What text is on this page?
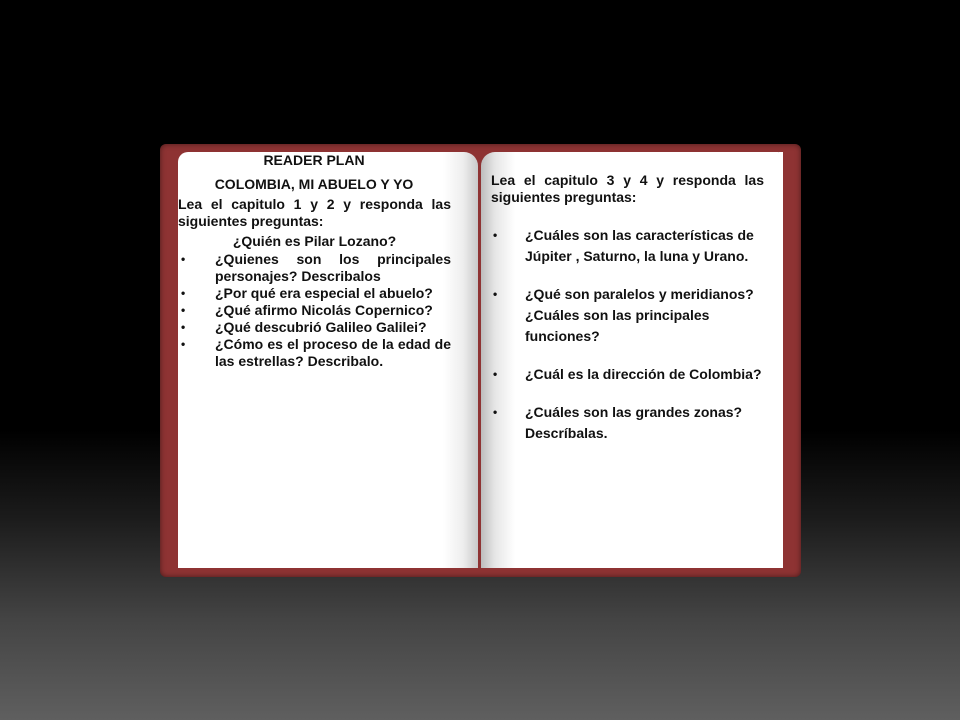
READER PLAN
COLOMBIA, MI ABUELO Y YO
Lea el capitulo 1 y 2 y responda las siguientes preguntas:
¿Quién es Pilar Lozano?
• ¿Quienes son los principales personajes? Describalos
• ¿Por qué era especial el abuelo?
• ¿Qué afirmo Nicolás Copernico?
• ¿Qué descubrió Galileo Galilei?
• ¿Cómo es el proceso de la edad de las estrellas? Describalo.
Lea el capitulo 3 y 4 y responda las siguientes preguntas:
• ¿Cuáles son las características de Júpiter , Saturno, la luna y Urano.
• ¿Qué son paralelos y meridianos? ¿Cuáles son las principales funciones?
• ¿Cuál es la dirección de Colombia?
• ¿Cuáles son las grandes zonas? Descríbalas.
